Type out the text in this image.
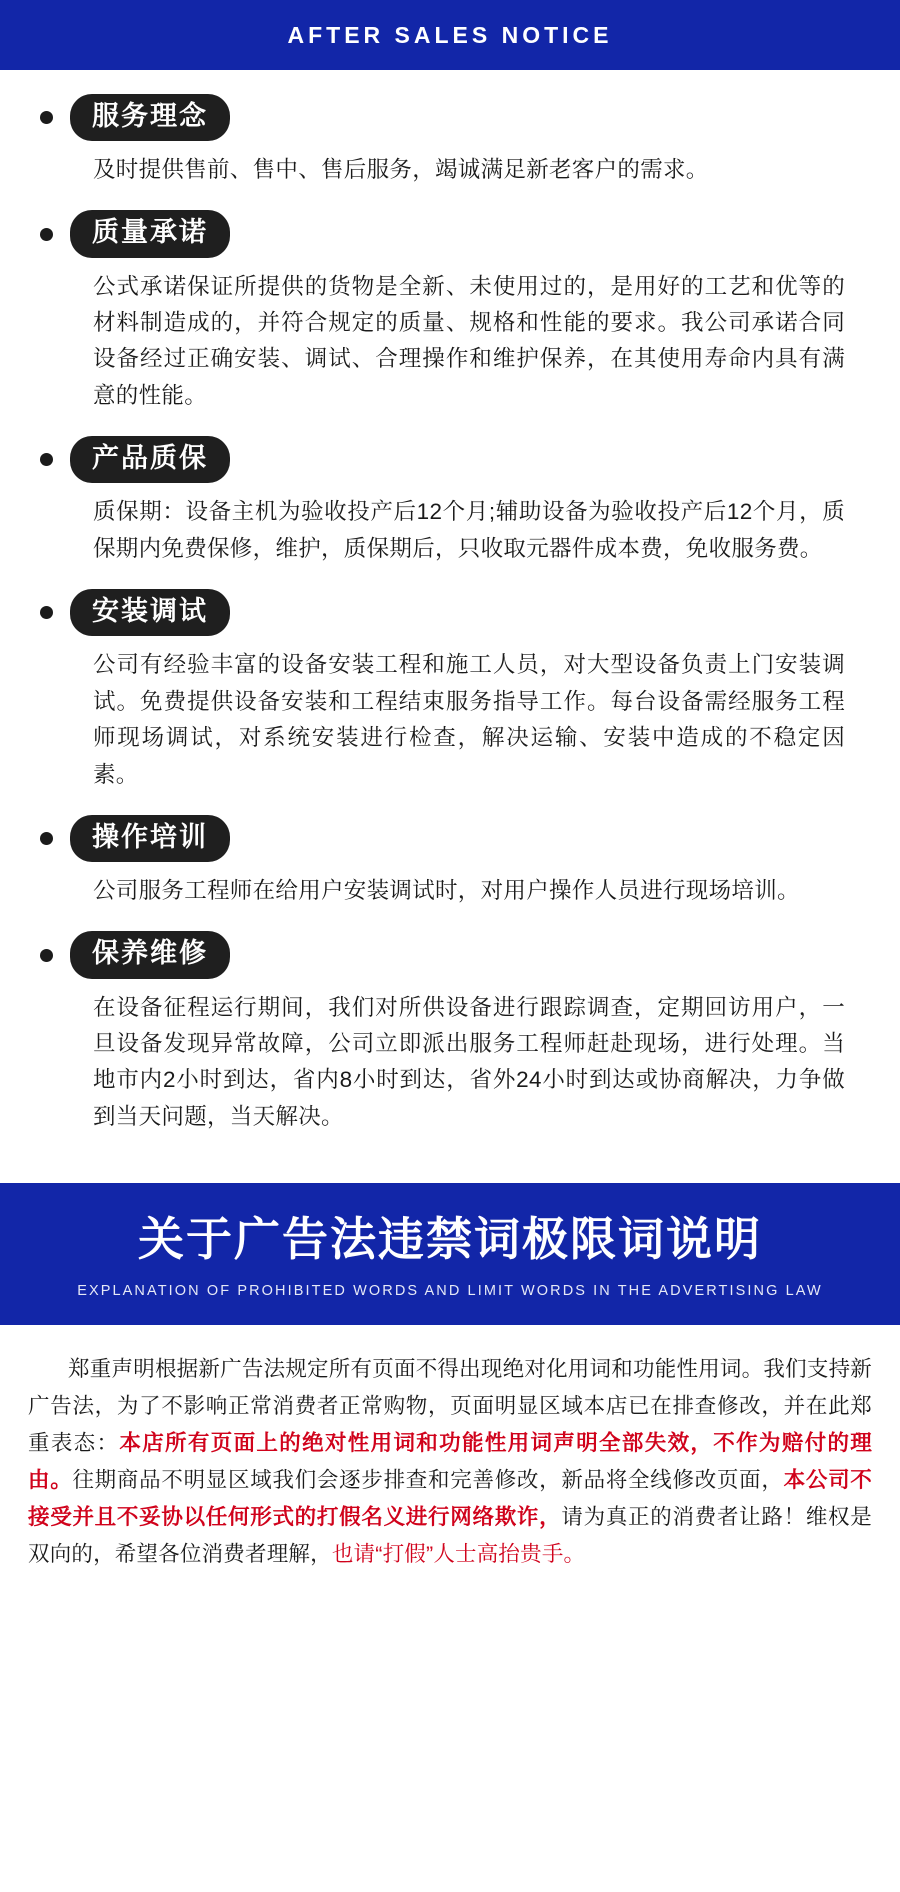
AFTER SALES NOTICE
服务理念
及时提供售前、售中、售后服务，竭诚满足新老客户的需求。
质量承诺
公式承诺保证所提供的货物是全新、未使用过的，是用好的工艺和优等的材料制造成的，并符合规定的质量、规格和性能的要求。我公司承诺合同设备经过正确安装、调试、合理操作和维护保养，在其使用寿命内具有满意的性能。
产品质保
质保期：设备主机为验收投产后12个月;辅助设备为验收投产后12个月，质保期内免费保修，维护，质保期后，只收取元器件成本费，免收服务费。
安装调试
公司有经验丰富的设备安装工程和施工人员，对大型设备负责上门安装调试。免费提供设备安装和工程结束服务指导工作。每台设备需经服务工程师现场调试，对系统安装进行检查，解决运输、安装中造成的不稳定因素。
操作培训
公司服务工程师在给用户安装调试时，对用户操作人员进行现场培训。
保养维修
在设备征程运行期间，我们对所供设备进行跟踪调查，定期回访用户，一旦设备发现异常故障，公司立即派出服务工程师赶赴现场，进行处理。当地市内2小时到达，省内8小时到达，省外24小时到达或协商解决，力争做到当天问题，当天解决。
关于广告法违禁词极限词说明
EXPLANATION OF PROHIBITED WORDS AND LIMIT WORDS IN THE ADVERTISING LAW
郑重声明根据新广告法规定所有页面不得出现绝对化用词和功能性用词。我们支持新广告法，为了不影响正常消费者正常购物，页面明显区域本店已在排查修改，并在此郑重表态：本店所有页面上的绝对性用词和功能性用词声明全部失效，不作为赔付的理由。往期商品不明显区域我们会逐步排查和完善修改，新品将全线修改页面，本公司不接受并且不妥协以任何形式的打假名义进行网络欺诈，请为真正的消费者让路！维权是双向的，希望各位消费者理解，也请“打假”人士高抬贵手。
